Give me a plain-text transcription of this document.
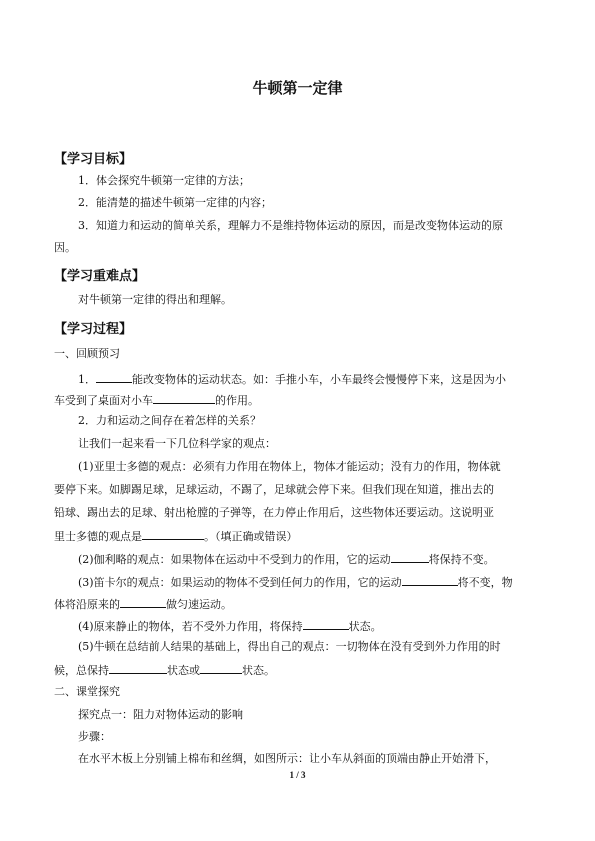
牛顿第一定律
【学习目标】
1．体会探究牛顿第一定律的方法；
2．能清楚的描述牛顿第一定律的内容；
3．知道力和运动的简单关系，理解力不是维持物体运动的原因，而是改变物体运动的原
因。
【学习重难点】
对牛顿第一定律的得出和理解。
【学习过程】
一、回顾预习
1．	能改变物体的运动状态。如：手推小车，小车最终会慢慢停下来，这是因为小
车受到了桌面对小车	的作用。
2．力和运动之间存在着怎样的关系？
让我们一起来看一下几位科学家的观点：
(1)亚里士多德的观点：必须有力作用在物体上，物体才能运动；没有力的作用，物体就
要停下来。如脚踢足球，足球运动，不踢了，足球就会停下来。但我们现在知道，推出去的
铅球、踢出去的足球、射出枪膛的子弹等，在力停止作用后，这些物体还要运动。这说明亚
里士多德的观点是	。（填正确或错误）
(2)伽利略的观点：如果物体在运动中不受到力的作用，它的运动	将保持不变。
(3)笛卡尔的观点：如果运动的物体不受到任何力的作用，它的运动	将不变，物
体将沿原来的	做匀速运动。
(4)原来静止的物体，若不受外力作用，将保持	状态。
(5)牛顿在总结前人结果的基础上，得出自己的观点：一切物体在没有受到外力作用的时
候，总保持	状态或	状态。
二、课堂探究
探究点一：阻力对物体运动的影响
步骤：
在水平木板上分别铺上棉布和丝绸，如图所示：让小车从斜面的顶端由静止开始滑下，
1 / 3
